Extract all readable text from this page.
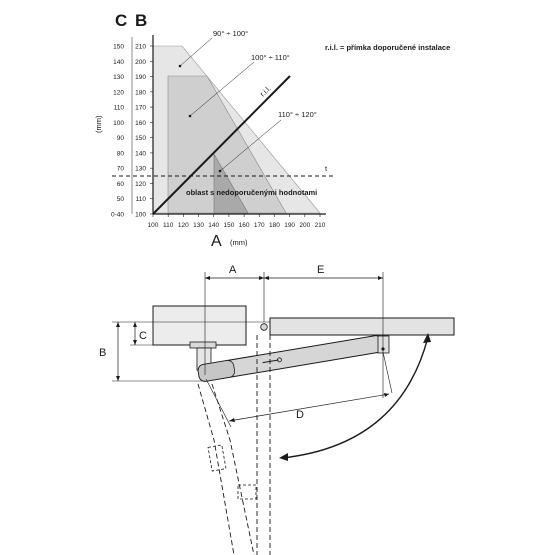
C B
A (mm)
(mm)
150
140
130
120
110
100
90
80
70
60
50
0-40
210
200
190
180
170
160
150
140
130
120
110
100
100 110 120 130 140 150 160 170 180 190 200 210
90° ÷ 100°
100° ÷ 110°
110° ÷ 120°
r.i.l.
r.i.l. = přímka doporučené instalace
t
oblast s nedoporučenými hodnotami
A	E
B
C
D
